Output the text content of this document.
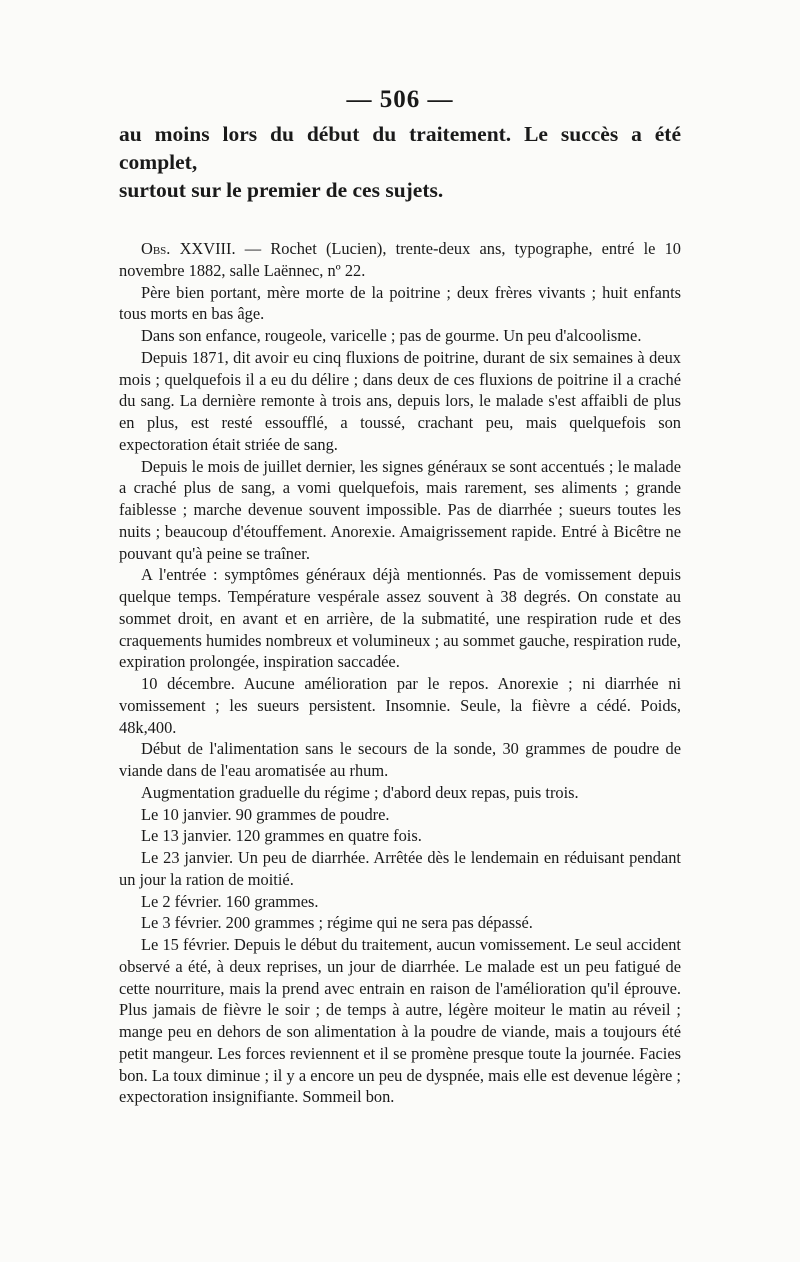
— 506 —
au moins lors du début du traitement. Le succès a été complet,
surtout sur le premier de ces sujets.

Obs. XXVIII. — Rochet (Lucien), trente-deux ans, typographe, entré le 10 novembre 1882, salle Laënnec, nº 22.

Père bien portant, mère morte de la poitrine ; deux frères vivants ; huit enfants tous morts en bas âge.

Dans son enfance, rougeole, varicelle ; pas de gourme. Un peu d'alcoolisme.

Depuis 1871, dit avoir eu cinq fluxions de poitrine, durant de six semaines à deux mois ; quelquefois il a eu du délire ; dans deux de ces fluxions de poitrine il a craché du sang. La dernière remonte à trois ans, depuis lors, le malade s'est affaibli de plus en plus, est resté essoufflé, a toussé, crachant peu, mais quelquefois son expectoration était striée de sang.

Depuis le mois de juillet dernier, les signes généraux se sont accentués ; le malade a craché plus de sang, a vomi quelquefois, mais rarement, ses aliments ; grande faiblesse ; marche devenue souvent impossible. Pas de diarrhée ; sueurs toutes les nuits ; beaucoup d'étouffement. Anorexie. Amaigrissement rapide. Entré à Bicêtre ne pouvant qu'à peine se traîner.

A l'entrée : symptômes généraux déjà mentionnés. Pas de vomissement depuis quelque temps. Température vespérale assez souvent à 38 degrés. On constate au sommet droit, en avant et en arrière, de la submatité, une respiration rude et des craquements humides nombreux et volumineux ; au sommet gauche, respiration rude, expiration prolongée, inspiration saccadée.

10 décembre. Aucune amélioration par le repos. Anorexie ; ni diarrhée ni vomissement ; les sueurs persistent. Insomnie. Seule, la fièvre a cédé. Poids, 48k,400.

Début de l'alimentation sans le secours de la sonde, 30 grammes de poudre de viande dans de l'eau aromatisée au rhum.

Augmentation graduelle du régime ; d'abord deux repas, puis trois.

Le 10 janvier. 90 grammes de poudre.

Le 13 janvier. 120 grammes en quatre fois.

Le 23 janvier. Un peu de diarrhée. Arrêtée dès le lendemain en réduisant pendant un jour la ration de moitié.

Le 2 février. 160 grammes.

Le 3 février. 200 grammes ; régime qui ne sera pas dépassé.

Le 15 février. Depuis le début du traitement, aucun vomissement. Le seul accident observé a été, à deux reprises, un jour de diarrhée. Le malade est un peu fatigué de cette nourriture, mais la prend avec entrain en raison de l'amélioration qu'il éprouve. Plus jamais de fièvre le soir ; de temps à autre, légère moiteur le matin au réveil ; mange peu en dehors de son alimentation à la poudre de viande, mais a toujours été petit mangeur. Les forces reviennent et il se promène presque toute la journée. Facies bon. La toux diminue ; il y a encore un peu de dyspnée, mais elle est devenue légère ; expectoration insignifiante. Sommeil bon.
